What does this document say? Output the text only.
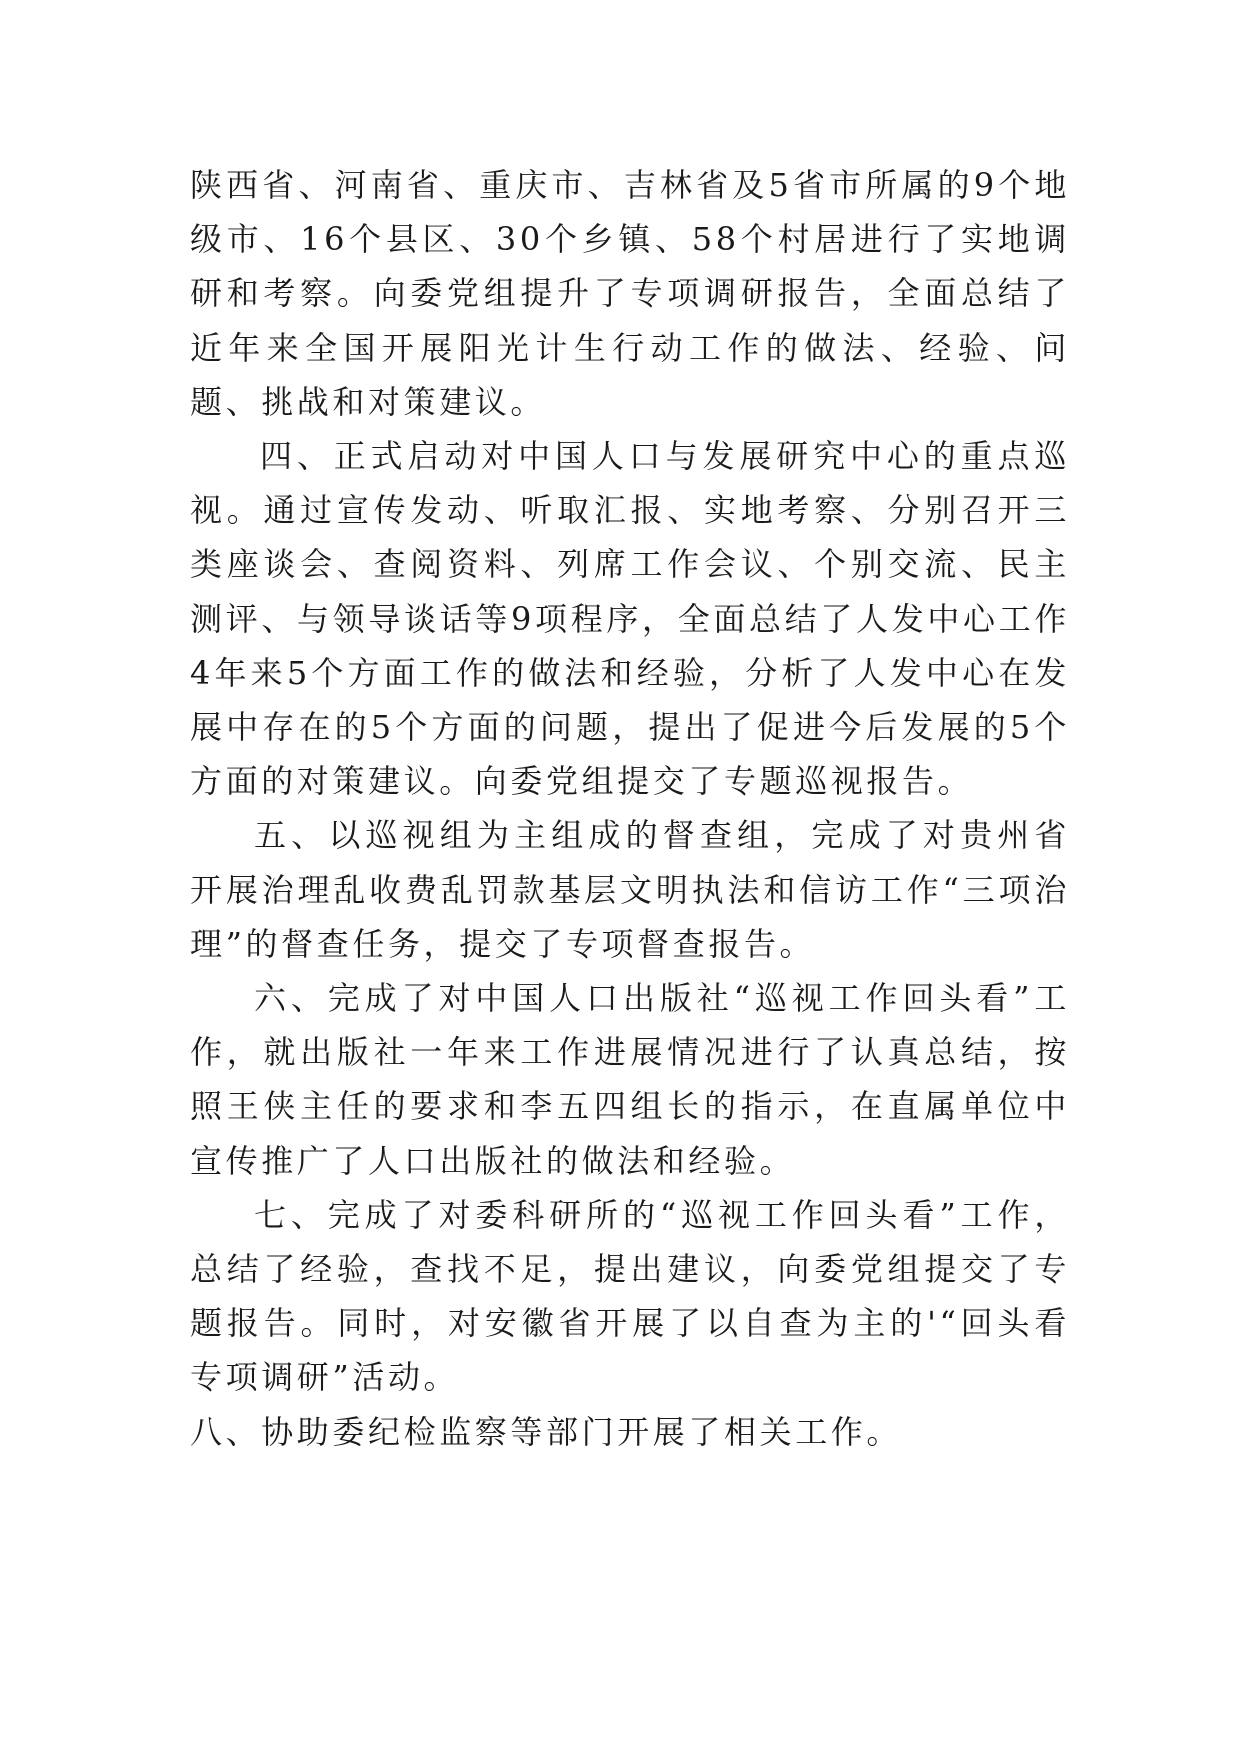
陕西省、河南省、重庆市、吉林省及5省市所属的9个地级市、16个县区、30个乡镇、58个村居进行了实地调研和考察。向委党组提升了专项调研报告，全面总结了近年来全国开展阳光计生行动工作的做法、经验、问题、挑战和对策建议。

四、正式启动对中国人口与发展研究中心的重点巡视。通过宣传发动、听取汇报、实地考察、分别召开三类座谈会、查阅资料、列席工作会议、个别交流、民主测评、与领导谈话等9项程序，全面总结了人发中心工作4年来5个方面工作的做法和经验，分析了人发中心在发展中存在的5个方面的问题，提出了促进今后发展的5个方面的对策建议。向委党组提交了专题巡视报告。

五、以巡视组为主组成的督查组，完成了对贵州省开展治理乱收费乱罚款基层文明执法和信访工作“三项治理”的督查任务，提交了专项督查报告。

六、完成了对中国人口出版社“巡视工作回头看”工作，就出版社一年来工作进展情况进行了认真总结，按照王侠主任的要求和李五四组长的指示，在直属单位中宣传推广了人口出版社的做法和经验。

七、完成了对委科研所的“巡视工作回头看”工作，总结了经验，查找不足，提出建议，向委党组提交了专题报告。同时，对安徽省开展了以自查为主的'“回头看专项调研”活动。

八、协助委纪检监察等部门开展了相关工作。
